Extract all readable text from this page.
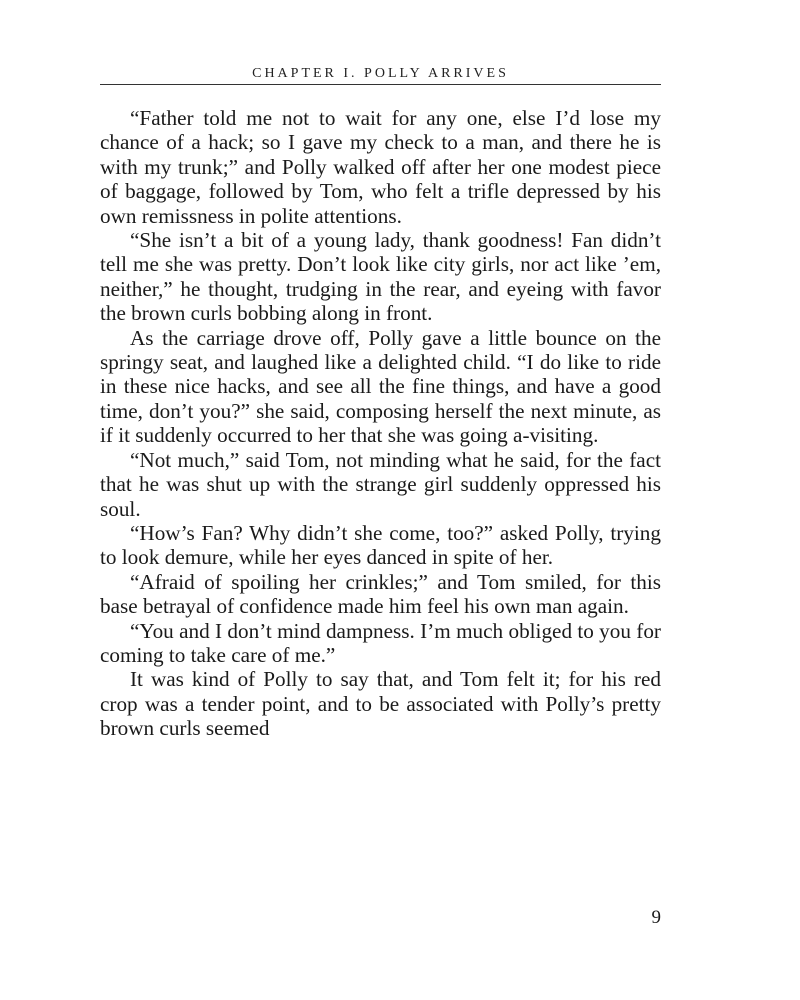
CHAPTER I. POLLY ARRIVES

“Father told me not to wait for any one, else I’d lose my chance of a hack; so I gave my check to a man, and there he is with my trunk;” and Polly walked off after her one modest piece of baggage, followed by Tom, who felt a trifle depressed by his own remissness in polite attentions.

“She isn’t a bit of a young lady, thank goodness! Fan didn’t tell me she was pretty. Don’t look like city girls, nor act like ’em, neither,” he thought, trudging in the rear, and eyeing with favor the brown curls bobbing along in front.

As the carriage drove off, Polly gave a little bounce on the springy seat, and laughed like a delighted child. “I do like to ride in these nice hacks, and see all the fine things, and have a good time, don’t you?” she said, composing herself the next minute, as if it suddenly occurred to her that she was going a-visiting.

“Not much,” said Tom, not minding what he said, for the fact that he was shut up with the strange girl suddenly oppressed his soul.

“How’s Fan? Why didn’t she come, too?” asked Polly, trying to look demure, while her eyes danced in spite of her.

“Afraid of spoiling her crinkles;” and Tom smiled, for this base betrayal of confidence made him feel his own man again.

“You and I don’t mind dampness. I’m much obliged to you for coming to take care of me.”

It was kind of Polly to say that, and Tom felt it; for his red crop was a tender point, and to be associated with Polly’s pretty brown curls seemed

9
